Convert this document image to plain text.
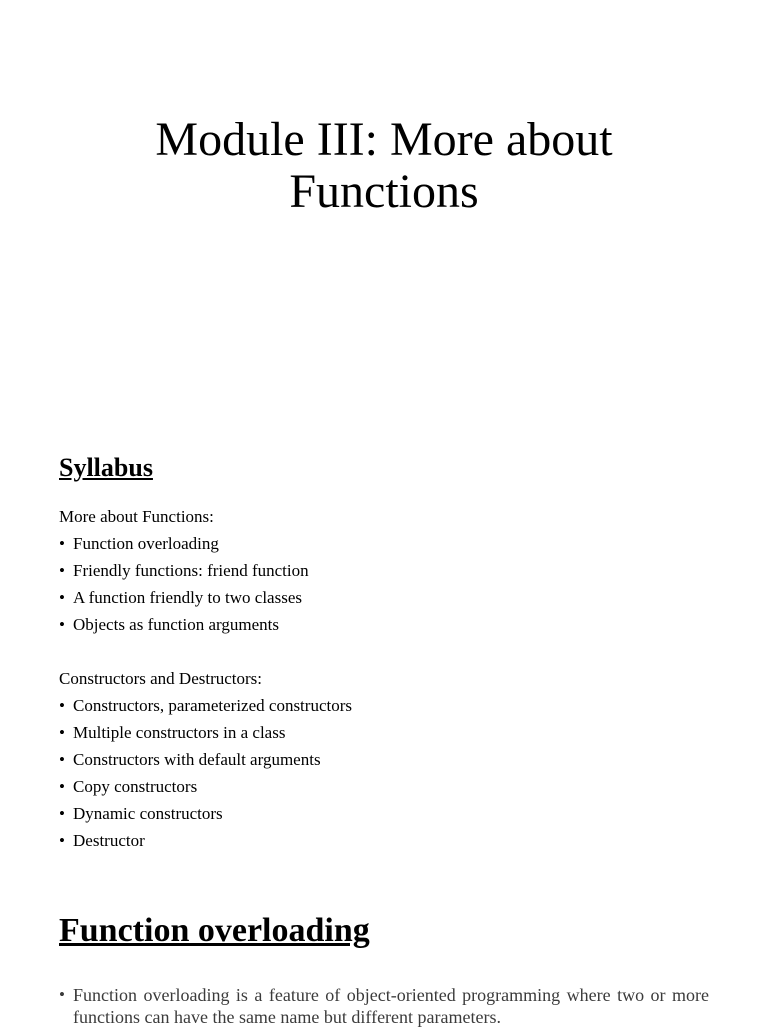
Module III: More about
Functions
Syllabus

More about Functions:

• Function overloading
• Friendly functions: friend function
• A function friendly to two classes
• Objects as function arguments

Constructors and Destructors:

• Constructors, parameterized constructors
• Multiple constructors in a class
• Constructors with default arguments
• Copy constructors
• Dynamic constructors
• Destructor
Function overloading
• Function overloading is a feature of object-oriented programming where two or more functions can have the same name but different parameters.
